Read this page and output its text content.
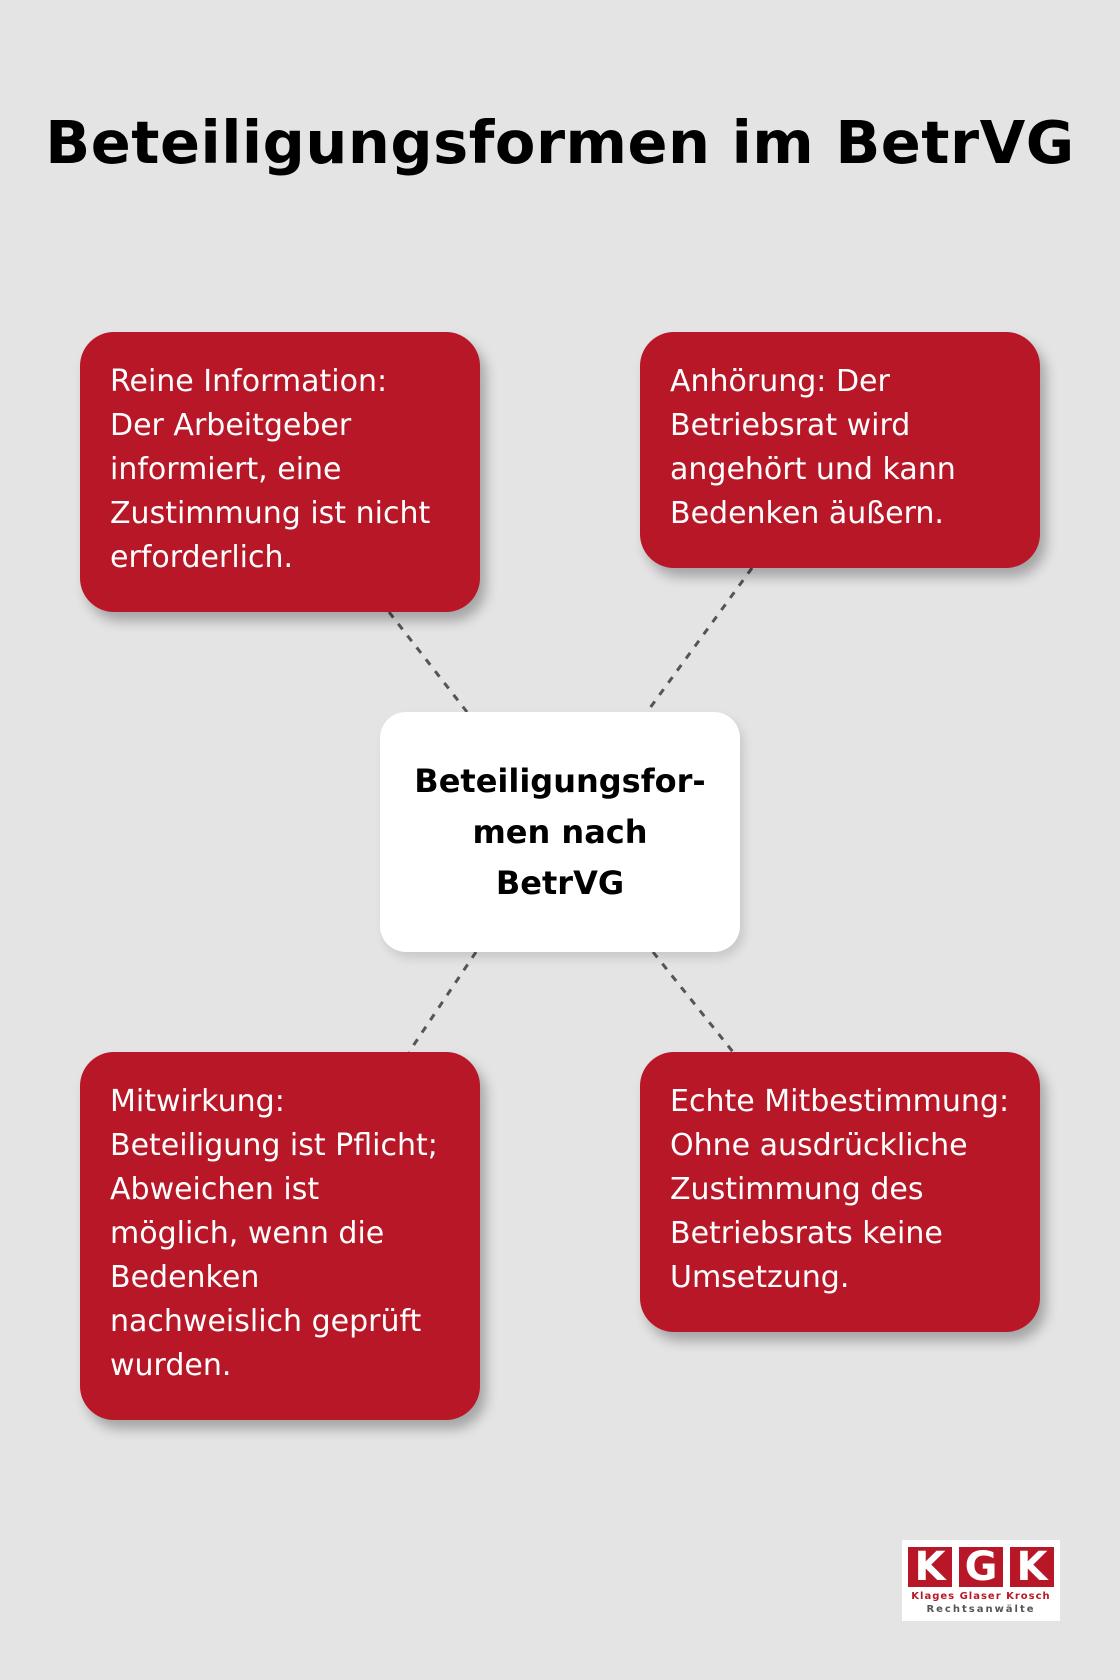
Beteiligungsformen im BetrVG
Reine Information:
Der Arbeitgeber
informiert, eine
Zustimmung ist nicht
erforderlich.
Anhörung: Der
Betriebsrat wird
angehört und kann
Bedenken äußern.
Mitwirkung:
Beteiligung ist Pflicht;
Abweichen ist
möglich, wenn die
Bedenken
nachweislich geprüft
wurden.
Echte Mitbestimmung:
Ohne ausdrückliche
Zustimmung des
Betriebsrats keine
Umsetzung.
Beteiligungsfor-
men nach
BetrVG
K G K
Klages Glaser Krosch
Rechtsanwälte
